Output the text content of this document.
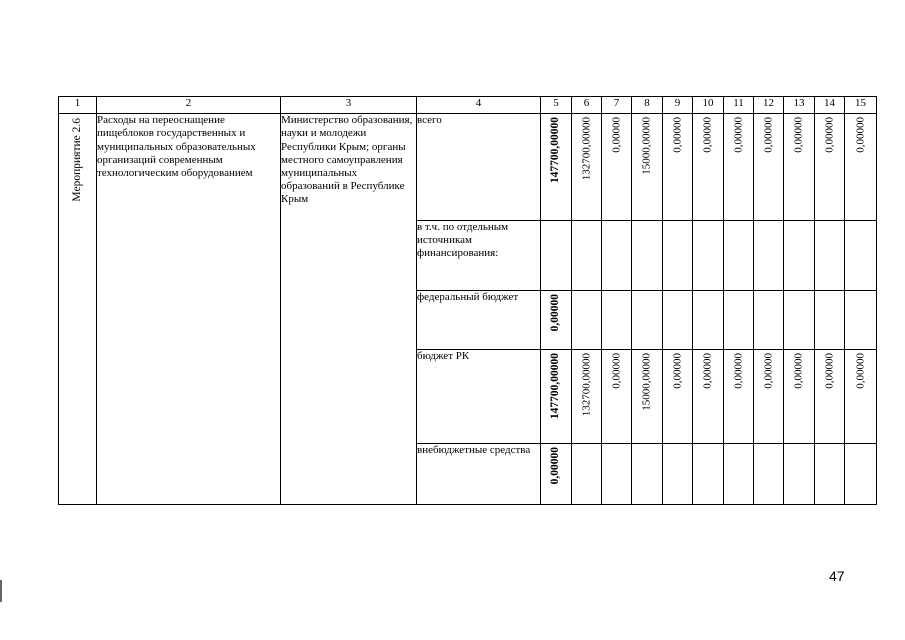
1	2	3	4	5	6	7	8	9	10	11	12	13	14	15

Мероприятие 2.6	Расходы на переоснащение пищеблоков государственных и муниципальных образовательных организаций современным технологическим оборудованием	Министерство образования, науки и молодежи Республики Крым; органы местного самоуправления муниципальных образований в Республике Крым	всего	147700,00000	132700,00000	0,00000	15000,00000	0,00000	0,00000	0,00000	0,00000	0,00000	0,00000	0,00000

			в т.ч. по отдельным источникам финансирования:											
			федеральный бюджет	0,00000										

			бюджет РК	147700,00000	132700,00000	0,00000	15000,00000	0,00000	0,00000	0,00000	0,00000	0,00000	0,00000	0,00000

			внебюджетные средства	0,00000										

47
